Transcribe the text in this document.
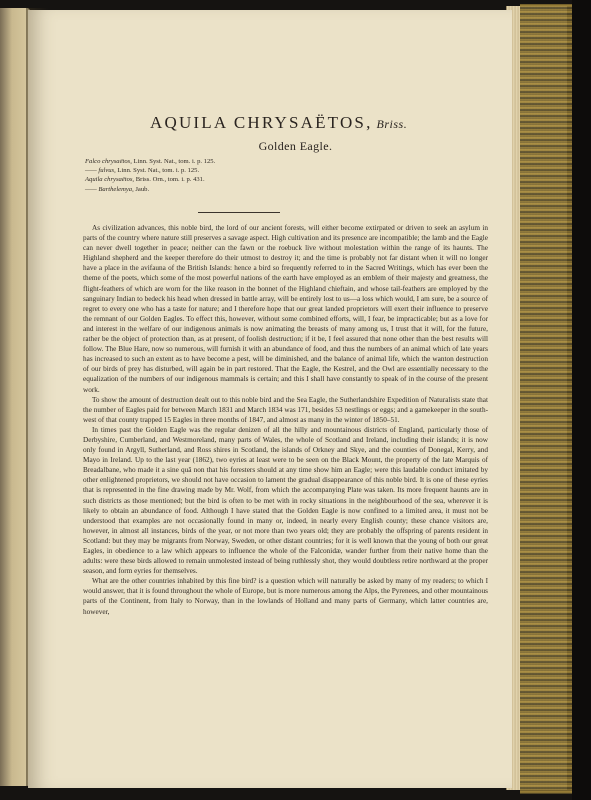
AQUILA CHRYSAËTOS, Briss.
Golden Eagle.
Falco chrysaëtos, Linn. Syst. Nat., tom. i. p. 125.
—— fulvus, Linn. Syst. Nat., tom. i. p. 125.
Aquila chrysaëtos, Briss. Orn., tom. i. p. 431.
—— Barthelemya, Jaub.

As civilization advances, this noble bird, the lord of our ancient forests, will either become extirpated or driven to seek an asylum in parts of the country where nature still preserves a savage aspect. High cultivation and its presence are incompatible; the lamb and the Eagle can never dwell together in peace; neither can the fawn or the roebuck live without molestation within the range of its haunts. The Highland shepherd and the keeper therefore do their utmost to destroy it; and the time is probably not far distant when it will no longer have a place in the avifauna of the British Islands: hence a bird so frequently referred to in the Sacred Writings, which has ever been the theme of the poets, which some of the most powerful nations of the earth have employed as an emblem of their majesty and greatness, the flight-feathers of which are worn for the like reason in the bonnet of the Highland chieftain, and whose tail-feathers are employed by the sanguinary Indian to bedeck his head when dressed in battle array, will be entirely lost to us—a loss which would, I am sure, be a source of regret to every one who has a taste for nature; and I therefore hope that our great landed proprietors will exert their influence to preserve the remnant of our Golden Eagles. To effect this, however, without some combined efforts, will, I fear, be impracticable; but as a love for and interest in the welfare of our indigenous animals is now animating the breasts of many among us, I trust that it will, for the future, rather be the object of protection than, as at present, of foolish destruction; if it be, I feel assured that none other than the best results will follow. The Blue Hare, now so numerous, will furnish it with an abundance of food, and thus the numbers of an animal which of late years has increased to such an extent as to have become a pest, will be diminished, and the balance of animal life, which the wanton destruction of our birds of prey has disturbed, will again be in part restored. That the Eagle, the Kestrel, and the Owl are essentially necessary to the equalization of the numbers of our indigenous mammals is certain; and this I shall have constantly to speak of in the course of the present work.

To show the amount of destruction dealt out to this noble bird and the Sea Eagle, the Sutherlandshire Expedition of Naturalists state that the number of Eagles paid for between March 1831 and March 1834 was 171, besides 53 nestlings or eggs; and a gamekeeper in the south-west of that county trapped 15 Eagles in three months of 1847, and almost as many in the winter of 1850–51.

In times past the Golden Eagle was the regular denizen of all the hilly and mountainous districts of England, particularly those of Derbyshire, Cumberland, and Westmoreland, many parts of Wales, the whole of Scotland and Ireland, including their islands; it is now only found in Argyll, Sutherland, and Ross shires in Scotland, the islands of Orkney and Skye, and the counties of Donegal, Kerry, and Mayo in Ireland. Up to the last year (1862), two eyries at least were to be seen on the Black Mount, the property of the late Marquis of Breadalbane, who made it a sine quâ non that his foresters should at any time show him an Eagle; were this laudable conduct imitated by other enlightened proprietors, we should not have occasion to lament the gradual disappearance of this noble bird. It is one of these eyries that is represented in the fine drawing made by Mr. Wolf, from which the accompanying Plate was taken. Its more frequent haunts are in such districts as those mentioned; but the bird is often to be met with in rocky situations in the neighbourhood of the sea, wherever it is likely to obtain an abundance of food. Although I have stated that the Golden Eagle is now confined to a limited area, it must not be understood that examples are not occasionally found in many or, indeed, in nearly every English county; these chance visitors are, however, in almost all instances, birds of the year, or not more than two years old; they are probably the offspring of parents resident in Scotland: but they may be migrants from Norway, Sweden, or other distant countries; for it is well known that the young of both our great Eagles, in obedience to a law which appears to influence the whole of the Falconidæ, wander further from their native home than the adults: were these birds allowed to remain unmolested instead of being ruthlessly shot, they would doubtless retire northward at the proper season, and form eyries for themselves.

What are the other countries inhabited by this fine bird? is a question which will naturally be asked by many of my readers; to which I would answer, that it is found throughout the whole of Europe, but is more numerous among the Alps, the Pyrenees, and other mountainous parts of the Continent, from Italy to Norway, than in the lowlands of Holland and many parts of Germany, which latter countries are, however,
